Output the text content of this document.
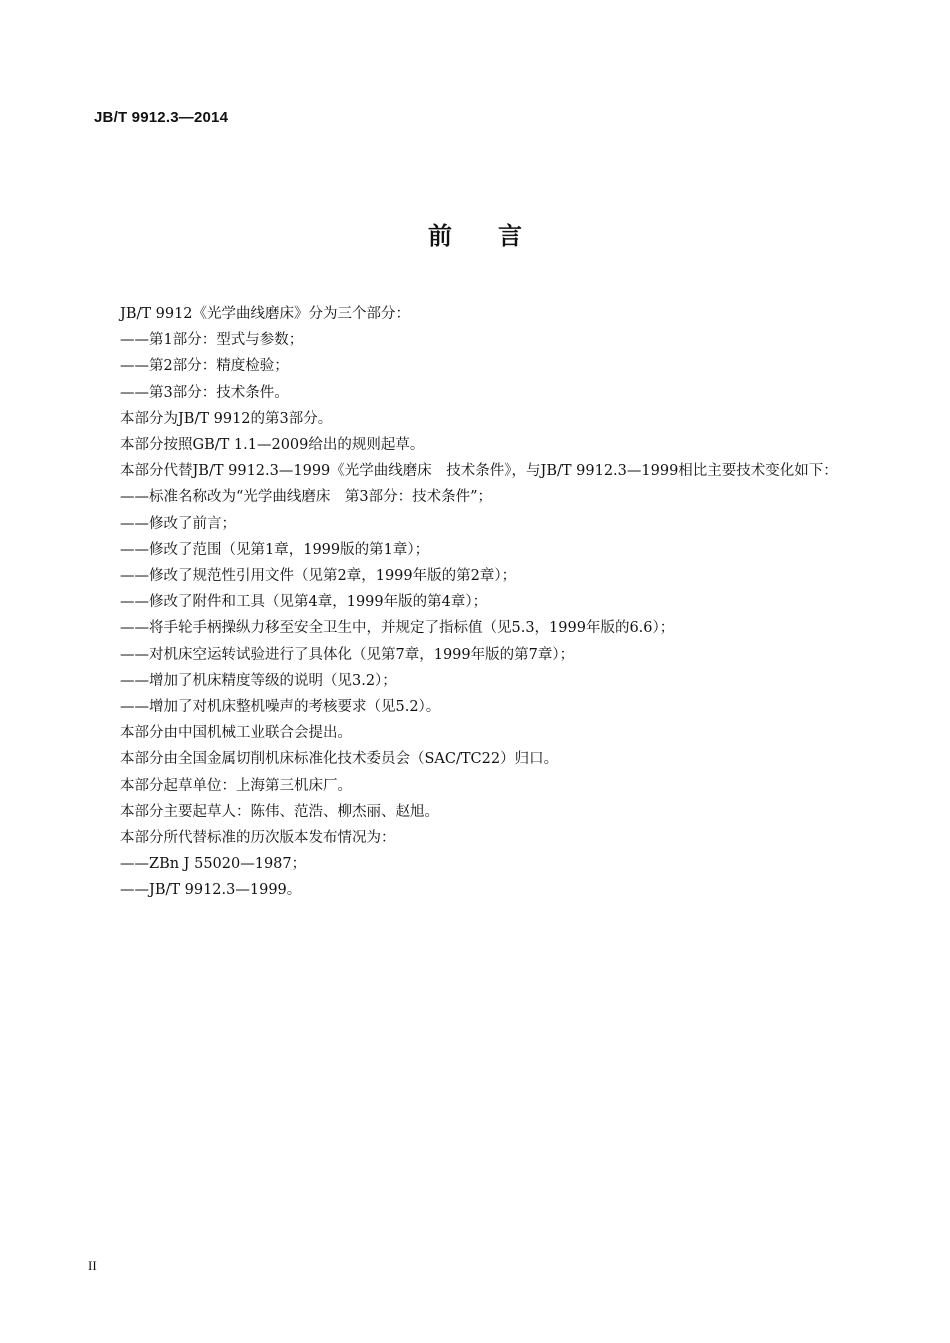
JB/T 9912.3—2014
前言

JB/T 9912《光学曲线磨床》分为三个部分：

——第1部分：型式与参数；

——第2部分：精度检验；

——第3部分：技术条件。

本部分为JB/T 9912的第3部分。

本部分按照GB/T 1.1—2009给出的规则起草。

本部分代替JB/T 9912.3—1999《光学曲线磨床　技术条件》，与JB/T 9912.3—1999相比主要技术变化如下：

——标准名称改为“光学曲线磨床　第3部分：技术条件”；

——修改了前言；

——修改了范围（见第1章，1999版的第1章）；

——修改了规范性引用文件（见第2章，1999年版的第2章）；

——修改了附件和工具（见第4章，1999年版的第4章）；

——将手轮手柄操纵力移至安全卫生中，并规定了指标值（见5.3，1999年版的6.6）；

——对机床空运转试验进行了具体化（见第7章，1999年版的第7章）；

——增加了机床精度等级的说明（见3.2）；

——增加了对机床整机噪声的考核要求（见5.2）。

本部分由中国机械工业联合会提出。

本部分由全国金属切削机床标准化技术委员会（SAC/TC22）归口。

本部分起草单位：上海第三机床厂。

本部分主要起草人：陈伟、范浩、柳杰丽、赵旭。

本部分所代替标准的历次版本发布情况为：

——ZBn J 55020—1987；

——JB/T 9912.3—1999。

II
